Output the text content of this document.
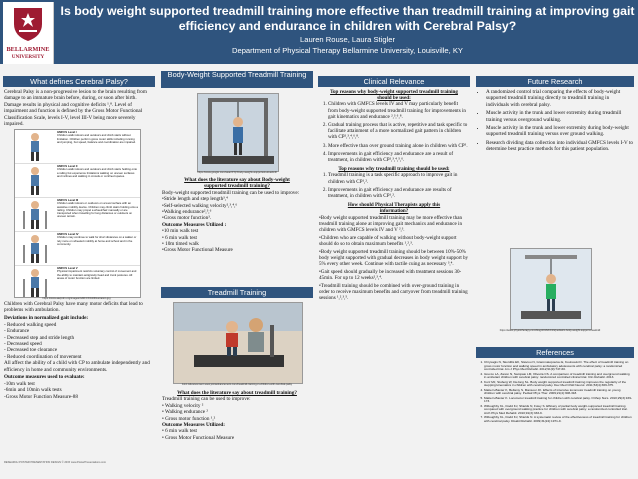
BELLARMINE
UNIVERSITY
Is body weight supported treadmill training more effective than treadmill training at improving gait efficiency and endurance in children with Cerebral Palsy?
Lauren Rouse, Laura Stigler
Department of Physical Therapy Bellarmine University, Louisville, KY
What defines Cerebral Palsy?
Cerebral Palsy is a non-progressive lesion to the brain resulting from damage to an immature brain before, during, or soon after birth. Damage results in physical and cognitive deficits ¹,⁸. Level of impairment and function is defined by the Gross Motor Functional Classification Scale, levels I-V, level III-V being more severely impaired.
GMFCS Level I
Children walk indoors and outdoors and climb stairs without limitation. Children perform gross motor skills including running and jumping, but speed, balance and coordination are impaired.
GMFCS Level II
Children walk indoors and outdoors and climb stairs holding onto a railing but experience limitations walking on uneven surfaces and inclines and walking in crowds or confined spaces.
GMFCS Level III
Children walk indoors or outdoors on a level surface with an assistive mobility device. Children may climb stairs holding onto a railing. Children may propel a wheelchair manually or are transported when travelling for long distances or outdoors on uneven terrain.
GMFCS Level IV
Children may continue to walk for short distances on a walker or rely more on wheeled mobility at home and school and in the community.
GMFCS Level V
Physical impairment restricts voluntary control of movement and the ability to maintain antigravity head and trunk postures. All areas of motor function are limited.
https://www.aacpdm.org/images/GMFCS%20Illustration.jpg

Children with Cerebral Palsy have many motor deficits that lead to problems with ambulation.

Deviations in normalized gait include:
- Reduced walking speed
- Endurance
- Decreased step and stride length
- Decreased speed
- Decreased toe clearance
- Reduced coordination of movement

All affect the ability of a child with CP to ambulate independently and efficiency in home and community environments.

Outcome measures used to evaluate:
-10m walk test
-6min and 10min walk tests
-Gross Motor Function Measure-88
Body-Weight Supported Treadmill Training
https://www.google.com/search?q=body+weight+supported+treadmill
What does the literature say about Body-weight supported treadmill training?
Body-weight supported treadmill training can be used to improve:
•Stride length and step length³,⁴
•Self-selected walking velocity²,³,⁴,⁶
•Walking endurance²,³,⁶
•Gross motor function³.
Outcome Measures Utilized :
•10 min walk test
• 6 min walk test
• 10m timed walk
•Gross Motor Functional Measure
Treadmill Training
Joint Advancement www.jointadvancement.com/treadmill-training-in-children-with-cerebral-palsy
What does the literature say about treadmill training?
Treadmill training can be used to improve:
• Walking velocity ²
• Walking endurance ²
• Gross motor function ¹,²
Outcome Measures Utilized:
• 6 min walk test
• Gross Motor Functional Measure
Clinical Relevance
Top reasons why body-weight supported treadmill training should be used:
1. Children with GMFCS levels IV and V may particularly benefit from body-weight supported treadmill training for improvements in gait kinematics and endurance ²,³,⁶,⁸.
2. Gradual training process that is active, repetitive and task specific to facilitate attainment of a more normalized gait pattern in children with CP²,³,⁴,⁶,⁸.
3. More effective than over ground training alone in children with CP⁵.
4. Improvements in gait efficiency and endurance are a result of treatment, in children with CP²,³,⁴,⁵,⁶.
Top reasons why treadmill training should be used:
1. Treadmill training is a task specific approach to improve gait in children with CP¹,².
2. Improvements in gait efficiency and endurance are results of treatment, in children with CP¹,².
How should Physical Therapists apply this information?

•Body weight supported treadmill training may be more effective than treadmill training alone at improving gait mechanics and endurance in children with GMFCS levels IV and V ²,³.

•Children who are capable of walking without body-weight support should do so to obtain maximum benefits ¹,²,³.

•Body weight supported treadmill training should be between 10%-50% body weight supported with gradual decreases in body weight support by 5% every other week. Continue with tactile cuing as necessary ³,⁴.

•Gait speed should gradually be increased with treatment sessions 30-45min. For up to 12 weeks²,³,⁴.

•Treadmill training should be combined with over-ground training in order to receive maximum benefits and carryover from treadmill training sessions ¹,²,³,⁵.

Future Research
• A randomized control trial comparing the effects of body-weight supported treadmill training directly to treadmill training in individuals with cerebral palsy.
• Muscle activity in the trunk and lower extremity during treadmill training versus overground walking.
• Muscle activity in the trunk and lower extremity during body-weight supported treadmill training versus over ground walking.
• Research dividing data collection into individual GMFCS levels I-V to determine best practice methods for this patient population.
https://www.physiotherapy.com/blog/2016/10/19/pediatric-body-weight-support-treadmill
References
1. Chrysagis N, Skordilis EK, Stavrou N, Grammatopoulou E, Koutsouki D. The effect of treadmill training on gross motor function and walking speed in ambulatory adolescents with cerebral palsy: a randomized controlled trial. Am J Phys Med Rehabil. 2012;91(9):747-60.
2. Grecco LA, Zanon N, Sampaio LM, Oliveira CS. A comparison of treadmill training and overground walking in ambulant children with cerebral palsy: randomized controlled clinical trial. Clin Rehabil. 2013.
3. Kurz MJ, Stuberg W, DeJong SL. Body weight supported treadmill training improves the regularity of the stepping kinematics in children with cerebral palsy. Dev Med Child Neurol. 2011;53(4):369-375.
4. Mattern-Baxter K, Bellamy S, Mansoor JK. Effects of intensive locomotor treadmill training on young children with cerebral palsy. Pediatr Phys Ther. 2009;21(4):308-318.
5. Mattern-Baxter K. Locomotor treadmill training for children with cerebral palsy. Orthop Nurs. 2010;29(3):169-173.
6. Willoughby KL, Dodd KJ, Shields N, Foley S. Efficacy of partial body weight-supported treadmill training compared with overground walking practice for children with cerebral palsy: a randomized controlled trial. Arch Phys Med Rehabil. 2010;91(3):333-9.
7. Willoughby KL, Dodd KJ, Shields N. A systematic review of the effectiveness of treadmill training for children with cerebral palsy. Disabil Rehabil. 2009;31(24):1971-9.
RESEARCH POSTER PRESENTATION DESIGN © 2015 www.PosterPresentations.com
